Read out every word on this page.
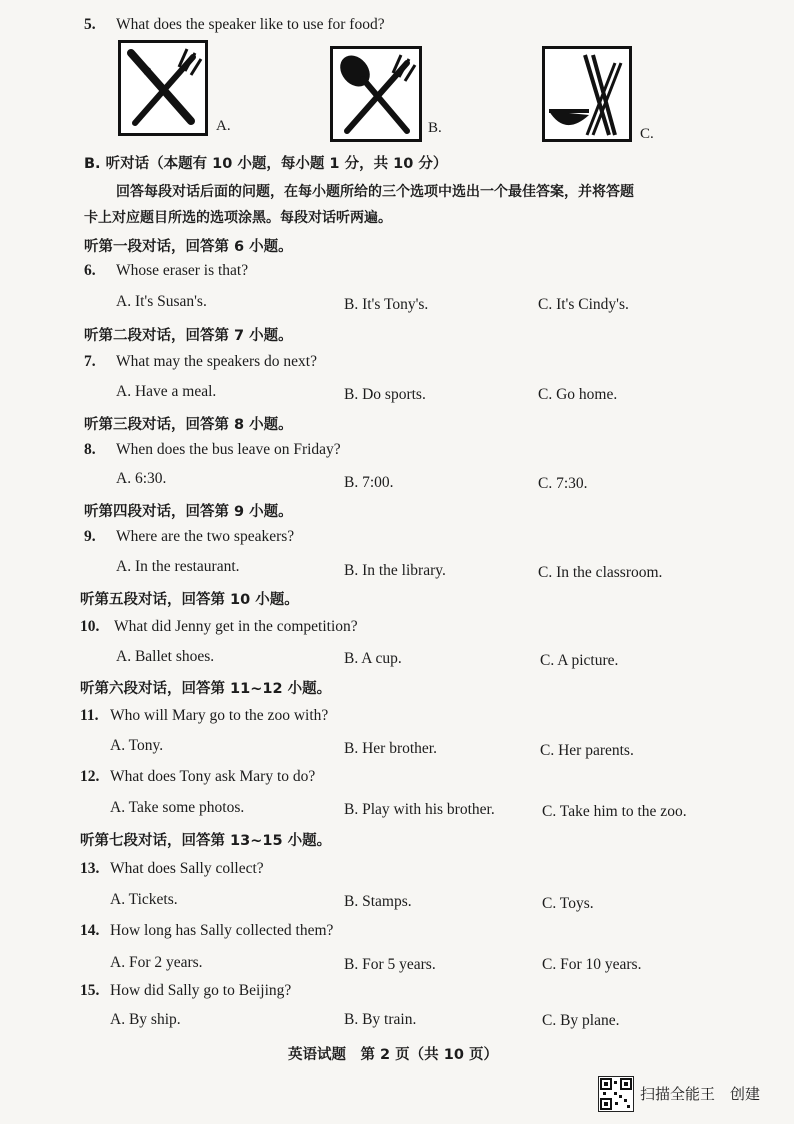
5. What does the speaker like to use for food?
A.	B.	C.
B. 听对话（本题有 10 小题，每小题 1 分，共 10 分）
回答每段对话后面的问题，在每小题所给的三个选项中选出一个最佳答案，并将答题
卡上对应题目所选的选项涂黑。每段对话听两遍。
听第一段对话，回答第 6 小题。
6. Whose eraser is that?
A. It's Susan's.	B. It's Tony's.	C. It's Cindy's.
听第二段对话，回答第 7 小题。
7. What may the speakers do next?
A. Have a meal.	B. Do sports.	C. Go home.
听第三段对话，回答第 8 小题。
8. When does the bus leave on Friday?
A. 6:30.	B. 7:00.	C. 7:30.
听第四段对话，回答第 9 小题。
9. Where are the two speakers?
A. In the restaurant.	B. In the library.	C. In the classroom.
听第五段对话，回答第 10 小题。
10. What did Jenny get in the competition?
A. Ballet shoes.	B. A cup.	C. A picture.
听第六段对话，回答第 11~12 小题。
11. Who will Mary go to the zoo with?
A. Tony.	B. Her brother.	C. Her parents.
12. What does Tony ask Mary to do?
A. Take some photos.	B. Play with his brother.	C. Take him to the zoo.
听第七段对话，回答第 13~15 小题。
13. What does Sally collect?
A. Tickets.	B. Stamps.	C. Toys.
14. How long has Sally collected them?
A. For 2 years.	B. For 5 years.	C. For 10 years.
15. How did Sally go to Beijing?
A. By ship.	B. By train.	C. By plane.
英语试题　第 2 页（共 10 页）
扫描全能王　创建
